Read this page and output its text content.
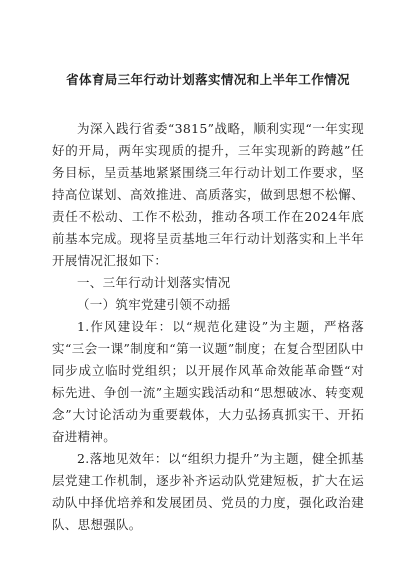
省体育局三年行动计划落实情况和上半年工作情况

为深入践行省委“3815”战略，顺利实现“一年实现好的开局，两年实现质的提升，三年实现新的跨越”任务目标，呈贡基地紧紧围绕三年行动计划工作要求，坚持高位谋划、高效推进、高质落实，做到思想不松懈、责任不松动、工作不松劲，推动各项工作在2024年底前基本完成。现将呈贡基地三年行动计划落实和上半年开展情况汇报如下：

一、三年行动计划落实情况

（一）筑牢党建引领不动摇

1.作风建设年：以“规范化建设”为主题，严格落实“三会一课”制度和“第一议题”制度；在复合型团队中同步成立临时党组织；以开展作风革命效能革命暨“对标先进、争创一流”主题实践活动和“思想破冰、转变观念”大讨论活动为重要载体，大力弘扬真抓实干、开拓奋进精神。

2.落地见效年：以“组织力提升”为主题，健全抓基层党建工作机制，逐步补齐运动队党建短板，扩大在运动队中择优培养和发展团员、党员的力度，强化政治建队、思想强队。
